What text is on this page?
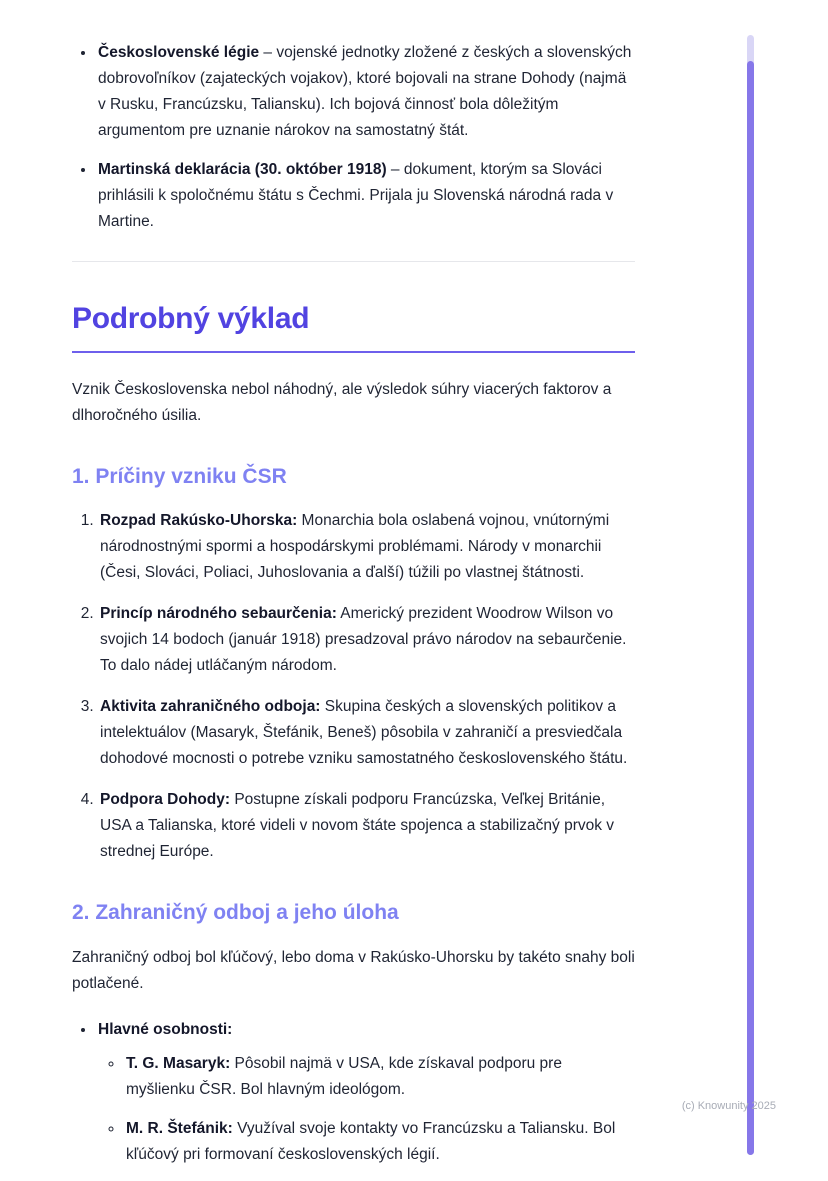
• Československé légie – vojenské jednotky zložené z českých a slovenských dobrovoľníkov (zajateckých vojakov), ktoré bojovali na strane Dohody (najmä v Rusku, Francúzsku, Taliansku). Ich bojová činnosť bola dôležitým argumentom pre uznanie nárokov na samostatný štát.
• Martinská deklarácia (30. október 1918) – dokument, ktorým sa Slováci prihlásili k spoločnému štátu s Čechmi. Prijala ju Slovenská národná rada v Martine.
Podrobný výklad

Vznik Československa nebol náhodný, ale výsledok súhry viacerých faktorov a dlhoročného úsilia.

1. Príčiny vzniku ČSR
1. Rozpad Rakúsko-Uhorska: Monarchia bola oslabená vojnou, vnútornými národnostnými spormi a hospodárskymi problémami. Národy v monarchii (Česi, Slováci, Poliaci, Juhoslovania a ďalší) túžili po vlastnej štátnosti.
2. Princíp národného sebaurčenia: Americký prezident Woodrow Wilson vo svojich 14 bodoch (január 1918) presadzoval právo národov na sebaurčenie. To dalo nádej utláčaným národom.
3. Aktivita zahraničného odboja: Skupina českých a slovenských politikov a intelektuálov (Masaryk, Štefánik, Beneš) pôsobila v zahraničí a presviedčala dohodové mocnosti o potrebe vzniku samostatného československého štátu.
4. Podpora Dohody: Postupne získali podporu Francúzska, Veľkej Británie, USA a Talianska, ktoré videli v novom štáte spojenca a stabilizačný prvok v strednej Európe.
2. Zahraničný odboj a jeho úloha

Zahraničný odboj bol kľúčový, lebo doma v Rakúsko-Uhorsku by takéto snahy boli potlačené.

• Hlavné osobnosti:
◦ T. G. Masaryk: Pôsobil najmä v USA, kde získaval podporu pre myšlienku ČSR. Bol hlavným ideológom.
◦ M. R. Štefánik: Využíval svoje kontakty vo Francúzsku a Taliansku. Bol kľúčový pri formovaní československých légií.
(c) Knowunity 2025
